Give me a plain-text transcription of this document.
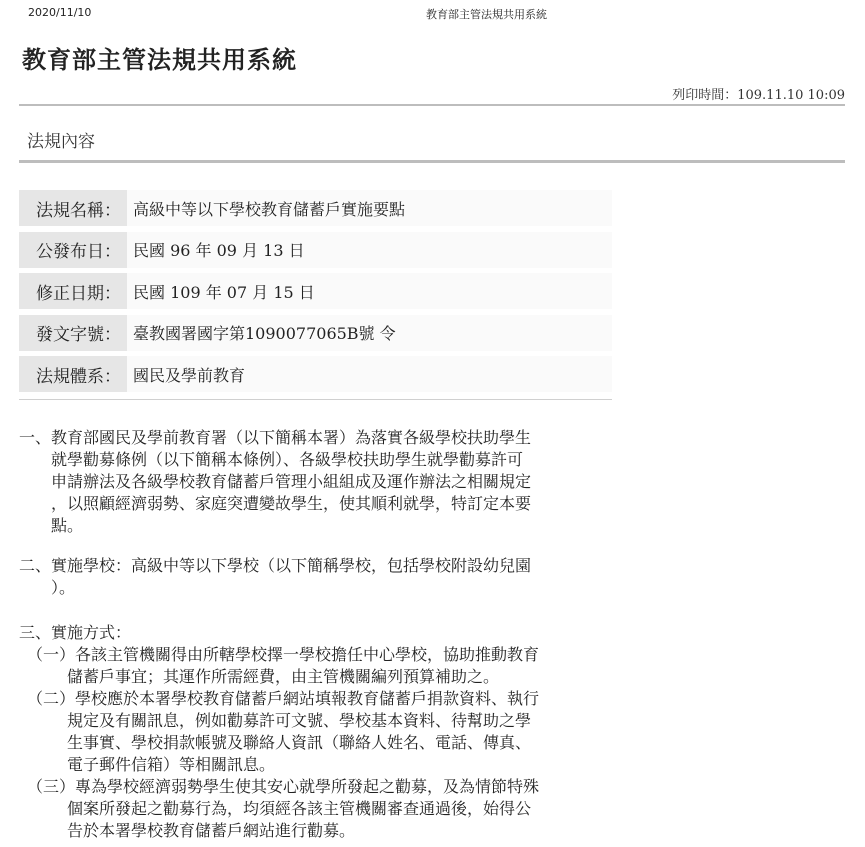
2020/11/10	教育部主管法規共用系統
教育部主管法規共用系統
列印時間：109.11.10 10:09
法規內容
法規名稱： 高級中等以下學校教育儲蓄戶實施要點
公發布日： 民國 96 年 09 月 13 日
修正日期： 民國 109 年 07 月 15 日
發文字號： 臺教國署國字第1090077065B號 令
法規體系： 國民及學前教育
一、教育部國民及學前教育署（以下簡稱本署）為落實各級學校扶助學生
　　就學勸募條例（以下簡稱本條例）、各級學校扶助學生就學勸募許可
　　申請辦法及各級學校教育儲蓄戶管理小組組成及運作辦法之相關規定
　　，以照顧經濟弱勢、家庭突遭變故學生，使其順利就學，特訂定本要
　　點。
二、實施學校：高級中等以下學校（以下簡稱學校，包括學校附設幼兒園
　　）。
三、實施方式：
　（一）各該主管機關得由所轄學校擇一學校擔任中心學校，協助推動教育
　　　儲蓄戶事宜；其運作所需經費，由主管機關編列預算補助之。
　（二）學校應於本署學校教育儲蓄戶網站填報教育儲蓄戶捐款資料、執行
　　　規定及有關訊息，例如勸募許可文號、學校基本資料、待幫助之學
　　　生事實、學校捐款帳號及聯絡人資訊（聯絡人姓名、電話、傳真、
　　　電子郵件信箱）等相關訊息。
　（三）專為學校經濟弱勢學生使其安心就學所發起之勸募，及為情節特殊
　　　個案所發起之勸募行為，均須經各該主管機關審查通過後，始得公
　　　告於本署學校教育儲蓄戶網站進行勸募。
